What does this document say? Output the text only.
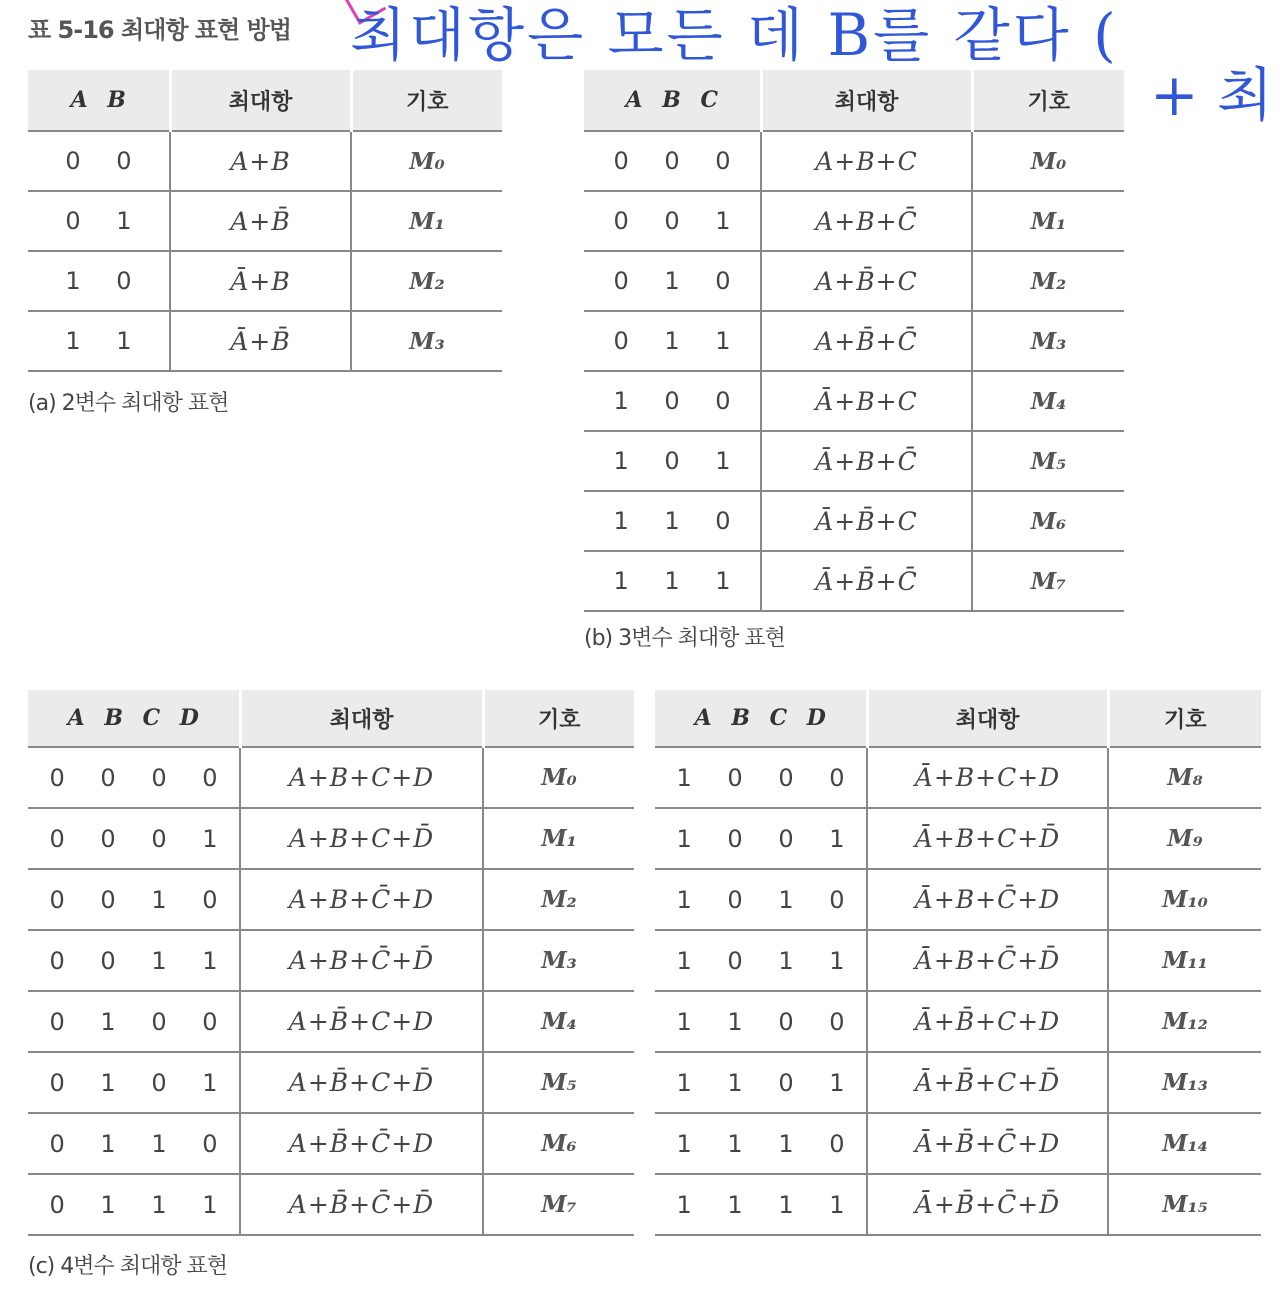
표 5-16 최대항 표현 방법 최대항은 모든 데 B를 같다 (
+ 최
A B	최대항	기호
0 0	A+B	M₀
0 1	A+B̄	M₁
1 0	Ā+B	M₂
1 1	Ā+B̄	M₃
(a) 2변수 최대항 표현
A B C	최대항	기호
0 0 0	A+B+C	M₀
0 0 1	A+B+C̄	M₁
0 1 0	A+B̄+C	M₂
0 1 1	A+B̄+C̄	M₃
1 0 0	Ā+B+C	M₄
1 0 1	Ā+B+C̄	M₅
1 1 0	Ā+B̄+C	M₆
1 1 1	Ā+B̄+C̄	M₇
(b) 3변수 최대항 표현
A B C D	최대항	기호
0 0 0 0	A+B+C+D	M₀
0 0 0 1	A+B+C+D̄	M₁
0 0 1 0	A+B+C̄+D	M₂
0 0 1 1	A+B+C̄+D̄	M₃
0 1 0 0	A+B̄+C+D	M₄
0 1 0 1	A+B̄+C+D̄	M₅
0 1 1 0	A+B̄+C̄+D	M₆
0 1 1 1	A+B̄+C̄+D̄	M₇
A B C D	최대항	기호
1 0 0 0	Ā+B+C+D	M₈
1 0 0 1	Ā+B+C+D̄	M₉
1 0 1 0	Ā+B+C̄+D	M₁₀
1 0 1 1	Ā+B+C̄+D̄	M₁₁
1 1 0 0	Ā+B̄+C+D	M₁₂
1 1 0 1	Ā+B̄+C+D̄	M₁₃
1 1 1 0	Ā+B̄+C̄+D	M₁₄
1 1 1 1	Ā+B̄+C̄+D̄	M₁₅
(c) 4변수 최대항 표현
